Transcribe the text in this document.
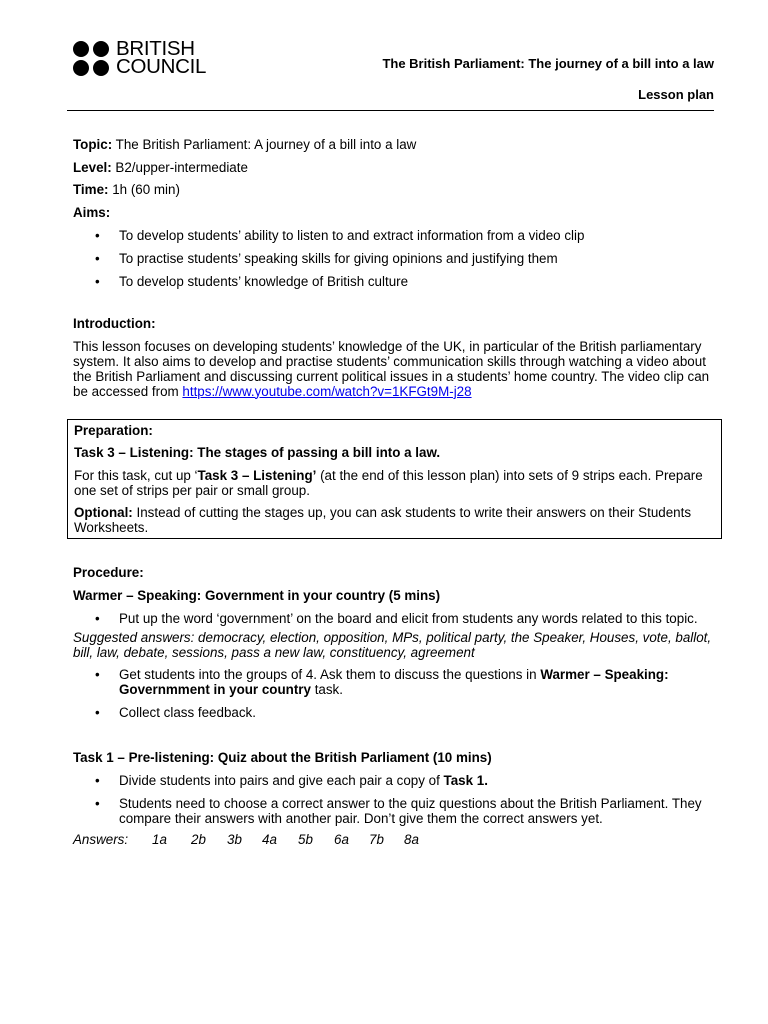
BRITISH
COUNCIL	The British Parliament: The journey of a bill into a law
Lesson plan
Topic: The British Parliament: A journey of a bill into a law
Level: B2/upper-intermediate
Time: 1h (60 min)
Aims:
• To develop students’ ability to listen to and extract information from a video clip
• To practise students’ speaking skills for giving opinions and justifying them
• To develop students’ knowledge of British culture
Introduction:
This lesson focuses on developing students’ knowledge of the UK, in particular of the British parliamentary system. It also aims to develop and practise students’ communication skills through watching a video about the British Parliament and discussing current political issues in a students’ home country. The video clip can be accessed from https://www.youtube.com/watch?v=1KFGt9M-j28
Preparation:
Task 3 – Listening: The stages of passing a bill into a law.
For this task, cut up ‘Task 3 – Listening’ (at the end of this lesson plan) into sets of 9 strips each. Prepare one set of strips per pair or small group.
Optional: Instead of cutting the stages up, you can ask students to write their answers on their Students Worksheets.
Procedure:
Warmer – Speaking: Government in your country (5 mins)
• Put up the word ‘government’ on the board and elicit from students any words related to this topic.
Suggested answers: democracy, election, opposition, MPs, political party, the Speaker, Houses, vote, ballot, bill, law, debate, sessions, pass a new law, constituency, agreement
• Get students into the groups of 4. Ask them to discuss the questions in Warmer – Speaking: Governmment in your country task.
• Collect class feedback.
Task 1 – Pre-listening: Quiz about the British Parliament (10 mins)
• Divide students into pairs and give each pair a copy of Task 1.
• Students need to choose a correct answer to the quiz questions about the British Parliament. They compare their answers with another pair. Don’t give them the correct answers yet.
Answers: 1a 2b 3b 4a 5b 6a 7b 8a
